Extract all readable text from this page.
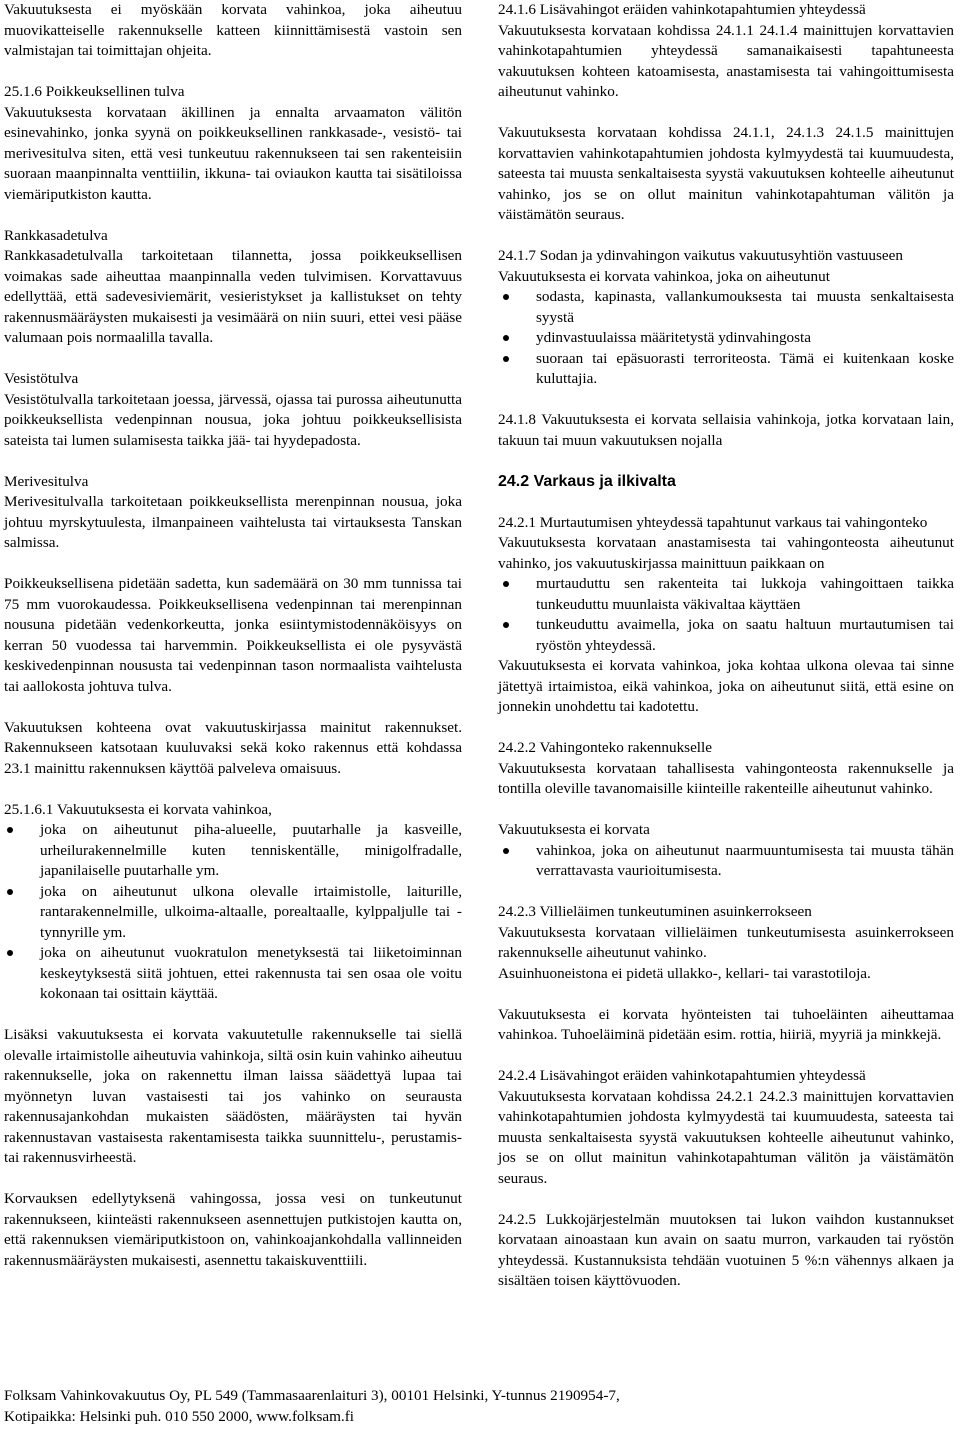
Vakuutuksesta ei myöskään korvata vahinkoa, joka aiheutuu muovikatteiselle rakennukselle katteen kiinnittämisestä vastoin sen valmistajan tai toimittajan ohjeita.

25.1.6 Poikkeuksellinen tulva

Vakuutuksesta korvataan äkillinen ja ennalta arvaamaton välitön esinevahinko, jonka syynä on poikkeuksellinen rankkasade-, vesistö- tai merivesitulva siten, että vesi tunkeutuu rakennukseen tai sen rakenteisiin suoraan maanpinnalta venttiilin, ikkuna- tai oviaukon kautta tai sisätiloissa viemäriputkiston kautta.

Rankkasadetulva

Rankkasadetulvalla tarkoitetaan tilannetta, jossa poikkeuksellisen voimakas sade aiheuttaa maanpinnalla veden tulvimisen. Korvattavuus edellyttää, että sadevesiviemärit, vesieristykset ja kallistukset on tehty rakennusmääräysten mukaisesti ja vesimäärä on niin suuri, ettei vesi pääse valumaan pois normaalilla tavalla.

Vesistötulva

Vesistötulvalla tarkoitetaan joessa, järvessä, ojassa tai purossa aiheutunutta poikkeuksellista vedenpinnan nousua, joka johtuu poikkeuksellisista sateista tai lumen sulamisesta taikka jää- tai hyydepadosta.

Merivesitulva

Merivesitulvalla tarkoitetaan poikkeuksellista merenpinnan nousua, joka johtuu myrskytuulesta, ilmanpaineen vaihtelusta tai virtauksesta Tanskan salmissa.

Poikkeuksellisena pidetään sadetta, kun sademäärä on 30 mm tunnissa tai 75 mm vuorokaudessa. Poikkeuksellisena vedenpinnan tai merenpinnan nousuna pidetään vedenkorkeutta, jonka esiintymistodennäköisyys on kerran 50 vuodessa tai harvemmin. Poikkeuksellista ei ole pysyvästä keskivedenpinnan noususta tai vedenpinnan tason normaalista vaihtelusta tai aallokosta johtuva tulva.

Vakuutuksen kohteena ovat vakuutuskirjassa mainitut rakennukset. Rakennukseen katsotaan kuuluvaksi sekä koko rakennus että kohdassa 23.1 mainittu rakennuksen käyttöä palveleva omaisuus.

25.1.6.1 Vakuutuksesta ei korvata vahinkoa,

joka on aiheutunut piha-alueelle, puutarhalle ja kasveille, urheilurakennelmille kuten tenniskentälle, minigolfradalle, japanilaiselle puutarhalle ym.
joka on aiheutunut ulkona olevalle irtaimistolle, laiturille, rantarakennelmille, ulkoima-altaalle, porealtaalle, kylppaljulle tai -tynnyrille ym.
joka on aiheutunut vuokratulon menetyksestä tai liiketoiminnan keskeytyksestä siitä johtuen, ettei rakennusta tai sen osaa ole voitu kokonaan tai osittain käyttää.

Lisäksi vakuutuksesta ei korvata vakuutetulle rakennukselle tai siellä olevalle irtaimistolle aiheutuvia vahinkoja, siltä osin kuin vahinko aiheutuu rakennukselle, joka on rakennettu ilman laissa säädettyä lupaa tai myönnetyn luvan vastaisesti tai jos vahinko on seurausta rakennusajankohdan mukaisten säädösten, määräysten tai hyvän rakennustavan vastaisesta rakentamisesta taikka suunnittelu-, perustamis- tai rakennusvirheestä.

Korvauksen edellytyksenä vahingossa, jossa vesi on tunkeutunut rakennukseen, kiinteästi rakennukseen asennettujen putkistojen kautta on, että rakennuksen viemäriputkistoon on, vahinkoajankohdalla vallinneiden rakennusmääräysten mukaisesti, asennettu takaiskuventtiili.

24.1.6 Lisävahingot eräiden vahinkotapahtumien yhteydessä

Vakuutuksesta korvataan kohdissa 24.1.1 24.1.4 mainittujen korvattavien vahinkotapahtumien yhteydessä samanaikaisesti tapahtuneesta vakuutuksen kohteen katoamisesta, anastamisesta tai vahingoittumisesta aiheutunut vahinko.

Vakuutuksesta korvataan kohdissa 24.1.1, 24.1.3 24.1.5 mainittujen korvattavien vahinkotapahtumien johdosta kylmyydestä tai kuumuudesta, sateesta tai muusta senkaltaisesta syystä vakuutuksen kohteelle aiheutunut vahinko, jos se on ollut mainitun vahinkotapahtuman välitön ja väistämätön seuraus.

24.1.7 Sodan ja ydinvahingon vaikutus vakuutusyhtiön vastuuseen

Vakuutuksesta ei korvata vahinkoa, joka on aiheutunut

sodasta, kapinasta, vallankumouksesta tai muusta senkaltaisesta syystä
ydinvastuulaissa määritetystä ydinvahingosta
suoraan tai epäsuorasti terroriteosta. Tämä ei kuitenkaan koske kuluttajia.

24.1.8 Vakuutuksesta ei korvata sellaisia vahinkoja, jotka korvataan lain, takuun tai muun vakuutuksen nojalla

24.2 Varkaus ja ilkivalta

24.2.1 Murtautumisen yhteydessä tapahtunut varkaus tai vahingonteko

Vakuutuksesta korvataan anastamisesta tai vahingonteosta aiheutunut vahinko, jos vakuutuskirjassa mainittuun paikkaan on

murtauduttu sen rakenteita tai lukkoja vahingoittaen taikka tunkeuduttu muunlaista väkivaltaa käyttäen
tunkeuduttu avaimella, joka on saatu haltuun murtautumisen tai ryöstön yhteydessä.

Vakuutuksesta ei korvata vahinkoa, joka kohtaa ulkona olevaa tai sinne jätettyä irtaimistoa, eikä vahinkoa, joka on aiheutunut siitä, että esine on jonnekin unohdettu tai kadotettu.

24.2.2 Vahingonteko rakennukselle

Vakuutuksesta korvataan tahallisesta vahingonteosta rakennukselle ja tontilla oleville tavanomaisille kiinteille rakenteille aiheutunut vahinko.

Vakuutuksesta ei korvata

vahinkoa, joka on aiheutunut naarmuuntumisesta tai muusta tähän verrattavasta vaurioitumisesta.

24.2.3 Villieläimen tunkeutuminen asuinkerrokseen

Vakuutuksesta korvataan villieläimen tunkeutumisesta asuinkerrokseen rakennukselle aiheutunut vahinko.

Asuinhuoneistona ei pidetä ullakko-, kellari- tai varastotiloja.

Vakuutuksesta ei korvata hyönteisten tai tuhoeläinten aiheuttamaa vahinkoa. Tuhoeläiminä pidetään esim. rottia, hiiriä, myyriä ja minkkejä.

24.2.4 Lisävahingot eräiden vahinkotapahtumien yhteydessä

Vakuutuksesta korvataan kohdissa 24.2.1 24.2.3 mainittujen korvattavien vahinkotapahtumien johdosta kylmyydestä tai kuumuudesta, sateesta tai muusta senkaltaisesta syystä vakuutuksen kohteelle aiheutunut vahinko, jos se on ollut mainitun vahinkotapahtuman välitön ja väistämätön seuraus.

24.2.5 Lukkojärjestelmän muutoksen tai lukon vaihdon kustannukset korvataan ainoastaan kun avain on saatu murron, varkauden tai ryöstön yhteydessä. Kustannuksista tehdään vuotuinen 5 %:n vähennys alkaen ja sisältäen toisen käyttövuoden.

Folksam Vahinkovakuutus Oy, PL 549 (Tammasaarenlaituri 3), 00101 Helsinki, Y-tunnus 2190954-7,
Kotipaikka: Helsinki puh. 010 550 2000, www.folksam.fi
